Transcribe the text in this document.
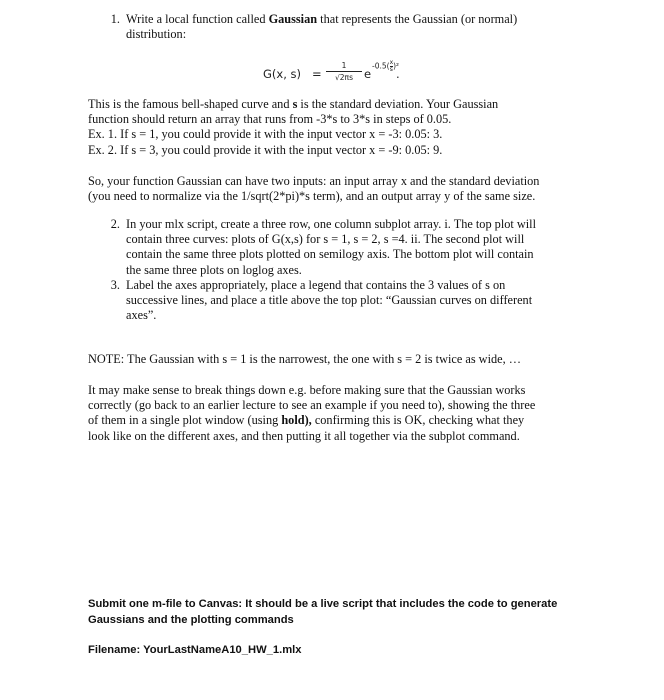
1. Write a local function called Gaussian that represents the Gaussian (or normal)
distribution:
G(x, s) =
1
√2πs e
$-0.5( \frac{x}{s} )^2$
.
This is the famous bell-shaped curve and s is the standard deviation. Your Gaussian
function should return an array that runs from -3*s to 3*s in steps of 0.05.
Ex. 1. If s = 1, you could provide it with the input vector x = -3: 0.05: 3.
Ex. 2. If s = 3, you could provide it with the input vector x = -9: 0.05: 9.
So, your function Gaussian can have two inputs: an input array x and the standard deviation
(you need to normalize via the 1/sqrt(2*pi)*s term), and an output array y of the same size.
2. In your mlx script, create a three row, one column subplot array. i. The top plot will
contain three curves: plots of G(x,s) for s = 1, s = 2, s =4. ii. The second plot will
contain the same three plots plotted on semilogy axis. The bottom plot will contain
the same three plots on loglog axes.
3. Label the axes appropriately, place a legend that contains the 3 values of s on
successive lines, and place a title above the top plot: “Gaussian curves on different
axes”.
NOTE: The Gaussian with s = 1 is the narrowest, the one with s = 2 is twice as wide, …
It may make sense to break things down e.g. before making sure that the Gaussian works
correctly (go back to an earlier lecture to see an example if you need to), showing the three
of them in a single plot window (using hold), confirming this is OK, checking what they
look like on the different axes, and then putting it all together via the subplot command.
Submit one m-file to Canvas: It should be a live script that includes the code to generate
Gaussians and the plotting commands
Filename: YourLastNameA10_HW_1.mlx
